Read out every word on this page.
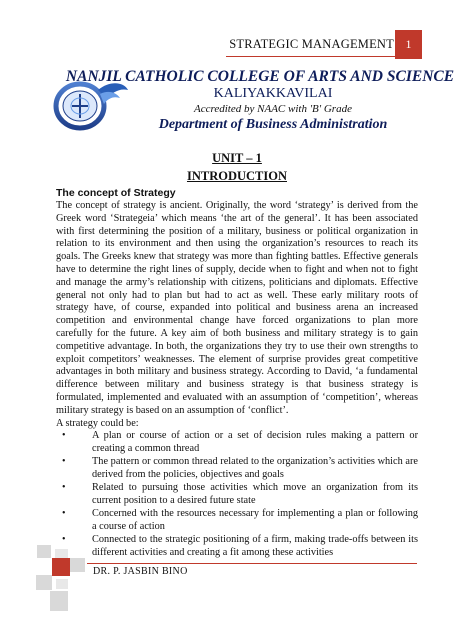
STRATEGIC MANAGEMENT 1
NANJIL CATHOLIC COLLEGE OF ARTS AND SCIENCE
KALIYAKKAVILAI
Accredited by NAAC with 'B' Grade
Department of Business Administration
UNIT – 1
INTRODUCTION
The concept of Strategy

The concept of strategy is ancient. Originally, the word ‘strategy’ is derived from the Greek word ‘Strategeia’ which means ‘the art of the general’. It has been associated with first determining the position of a military, business or political organization in relation to its environment and then using the organization’s resources to reach its goals. The Greeks knew that strategy was more than fighting battles. Effective generals have to determine the right lines of supply, decide when to fight and when not to fight and manage the army’s relationship with citizens, politicians and diplomats. Effective general not only had to plan but had to act as well. These early military roots of strategy have, of course, expanded into political and business arena an increased competition and environmental change have forced organizations to plan more carefully for the future. A key aim of both business and military strategy is to gain competitive advantage. In both, the organizations they try to use their own strengths to exploit competitors’ weaknesses. The element of surprise provides great competitive advantages in both military and business strategy. According to David, ‘a fundamental difference between military and business strategy is that business strategy is formulated, implemented and evaluated with an assumption of ‘competition’, whereas military strategy is based on an assumption of ‘conflict’.

A strategy could be:

•	A plan or course of action or a set of decision rules making a pattern or creating a common thread
•	The pattern or common thread related to the organization’s activities which are derived from the policies, objectives and goals
•	Related to pursuing those activities which move an organization from its current position to a desired future state
•	Concerned with the resources necessary for implementing a plan or following a course of action
•	Connected to the strategic positioning of a firm, making trade-offs between its different activities and creating a fit among these activities
DR. P. JASBIN BINO
